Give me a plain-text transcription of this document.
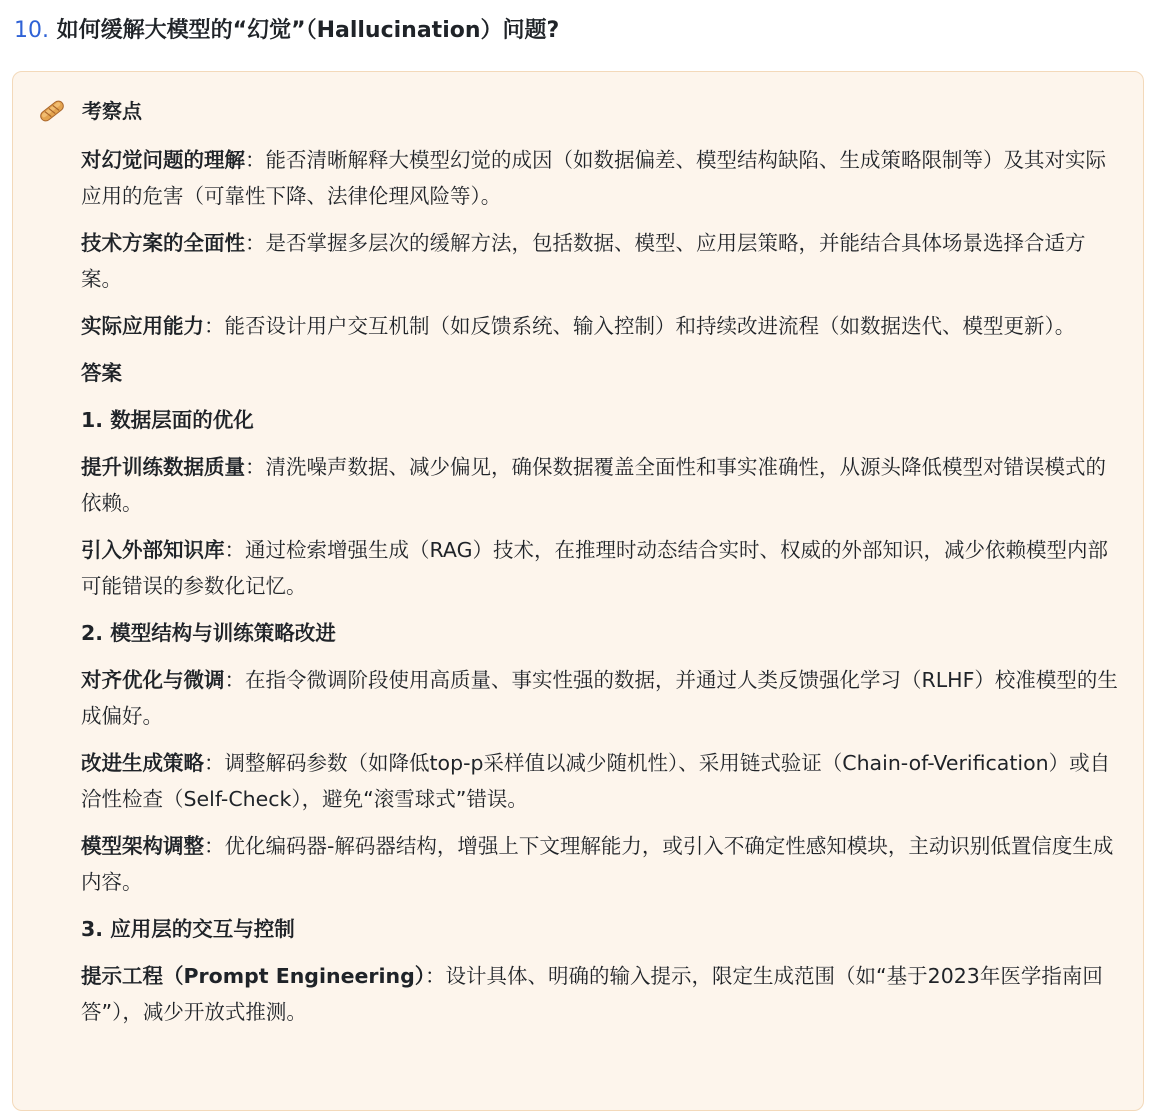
10. 如何缓解大模型的“幻觉”（Hallucination）问题?
考察点

对幻觉问题的理解：能否清晰解释大模型幻觉的成因（如数据偏差、模型结构缺陷、生成策略限制等）及其对实际应用的危害（可靠性下降、法律伦理风险等）。

技术方案的全面性：是否掌握多层次的缓解方法，包括数据、模型、应用层策略，并能结合具体场景选择合适方案。

实际应用能力：能否设计用户交互机制（如反馈系统、输入控制）和持续改进流程（如数据迭代、模型更新）。

答案

1. 数据层面的优化

提升训练数据质量：清洗噪声数据、减少偏见，确保数据覆盖全面性和事实准确性，从源头降低模型对错误模式的依赖。

引入外部知识库：通过检索增强生成（RAG）技术，在推理时动态结合实时、权威的外部知识，减少依赖模型内部可能错误的参数化记忆。

2. 模型结构与训练策略改进

对齐优化与微调：在指令微调阶段使用高质量、事实性强的数据，并通过人类反馈强化学习（RLHF）校准模型的生成偏好。

改进生成策略：调整解码参数（如降低top-p采样值以减少随机性）、采用链式验证（Chain-of-Verification）或自洽性检查（Self-Check），避免“滚雪球式”错误。

模型架构调整：优化编码器-解码器结构，增强上下文理解能力，或引入不确定性感知模块，主动识别低置信度生成内容。

3. 应用层的交互与控制

提示工程（Prompt Engineering）：设计具体、明确的输入提示，限定生成范围（如“基于2023年医学指南回答”），减少开放式推测。
